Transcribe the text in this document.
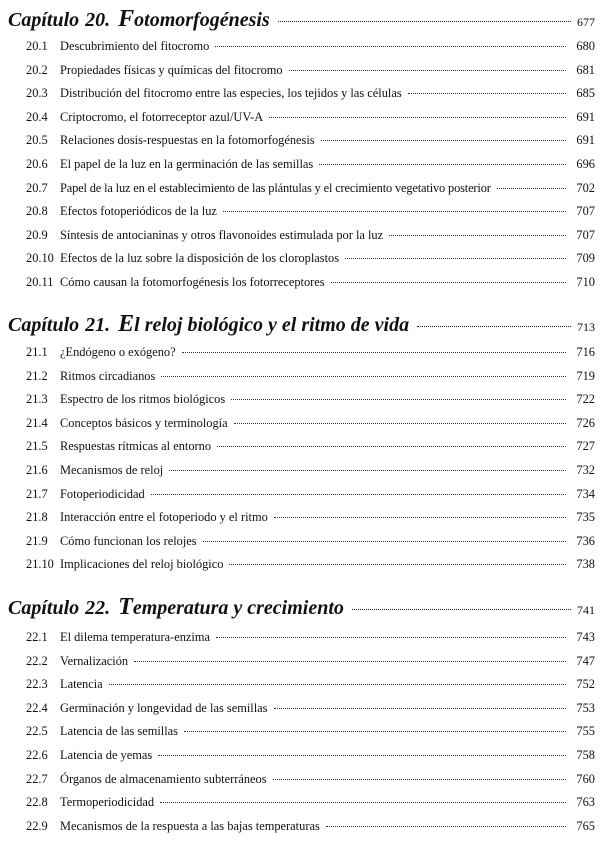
Capítulo 20. Fotomorfogénesis	677
20.1 Descubrimiento del fitocromo	680
20.2 Propiedades físicas y químicas del fitocromo	681
20.3 Distribución del fitocromo entre las especies, los tejidos y las células	685
20.4 Criptocromo, el fotorreceptor azul/UV-A	691
20.5 Relaciones dosis-respuestas en la fotomorfogénesis	691
20.6 El papel de la luz en la germinación de las semillas	696
20.7 Papel de la luz en el establecimiento de las plántulas y el crecimiento vegetativo posterior	702
20.8 Efectos fotoperiódicos de la luz	707
20.9 Síntesis de antocianinas y otros flavonoides estimulada por la luz	707
20.10 Efectos de la luz sobre la disposición de los cloroplastos	709
20.11 Cómo causan la fotomorfogénesis los fotorreceptores	710
Capítulo 21. El reloj biológico y el ritmo de vida	713
21.1 ¿Endógeno o exógeno?	716
21.2 Ritmos circadianos	719
21.3 Espectro de los ritmos biológicos	722
21.4 Conceptos básicos y terminología	726
21.5 Respuestas rítmicas al entorno	727
21.6 Mecanismos de reloj	732
21.7 Fotoperiodicidad	734
21.8 Interacción entre el fotoperiodo y el ritmo	735
21.9 Cómo funcionan los relojes	736
21.10 Implicaciones del reloj biológico	738
Capítulo 22. Temperatura y crecimiento	741
22.1 El dilema temperatura-enzima	743
22.2 Vernalización	747
22.3 Latencia	752
22.4 Germinación y longevidad de las semillas	753
22.5 Latencia de las semillas	755
22.6 Latencia de yemas	758
22.7 Órganos de almacenamiento subterráneos	760
22.8 Termoperiodicidad	763
22.9 Mecanismos de la respuesta a las bajas temperaturas	765
